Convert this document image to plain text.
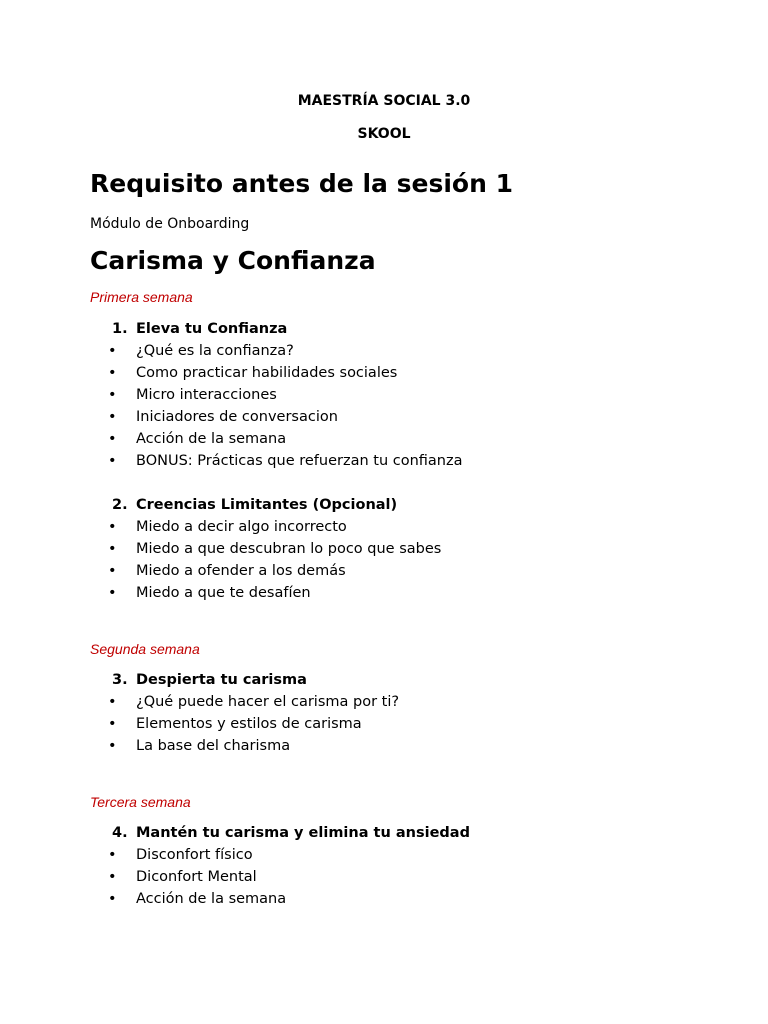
MAESTRÍA SOCIAL 3.0
SKOOL
Requisito antes de la sesión 1
Módulo de Onboarding
Carisma y Confianza
Primera semana
1. Eleva tu Confianza
•	¿Qué es la confianza?
•	Como practicar habilidades sociales
•	Micro interacciones
•	Iniciadores de conversacion
•	Acción de la semana
•	BONUS: Prácticas que refuerzan tu confianza
2. Creencias Limitantes (Opcional)
•	Miedo a decir algo incorrecto
•	Miedo a que descubran lo poco que sabes
•	Miedo a ofender a los demás
•	Miedo a que te desafíen
Segunda semana
3. Despierta tu carisma
•	¿Qué puede hacer el carisma por ti?
•	Elementos y estilos de carisma
•	La base del charisma
Tercera semana
4. Mantén tu carisma y elimina tu ansiedad
•	Disconfort físico
•	Diconfort Mental
•	Acción de la semana
